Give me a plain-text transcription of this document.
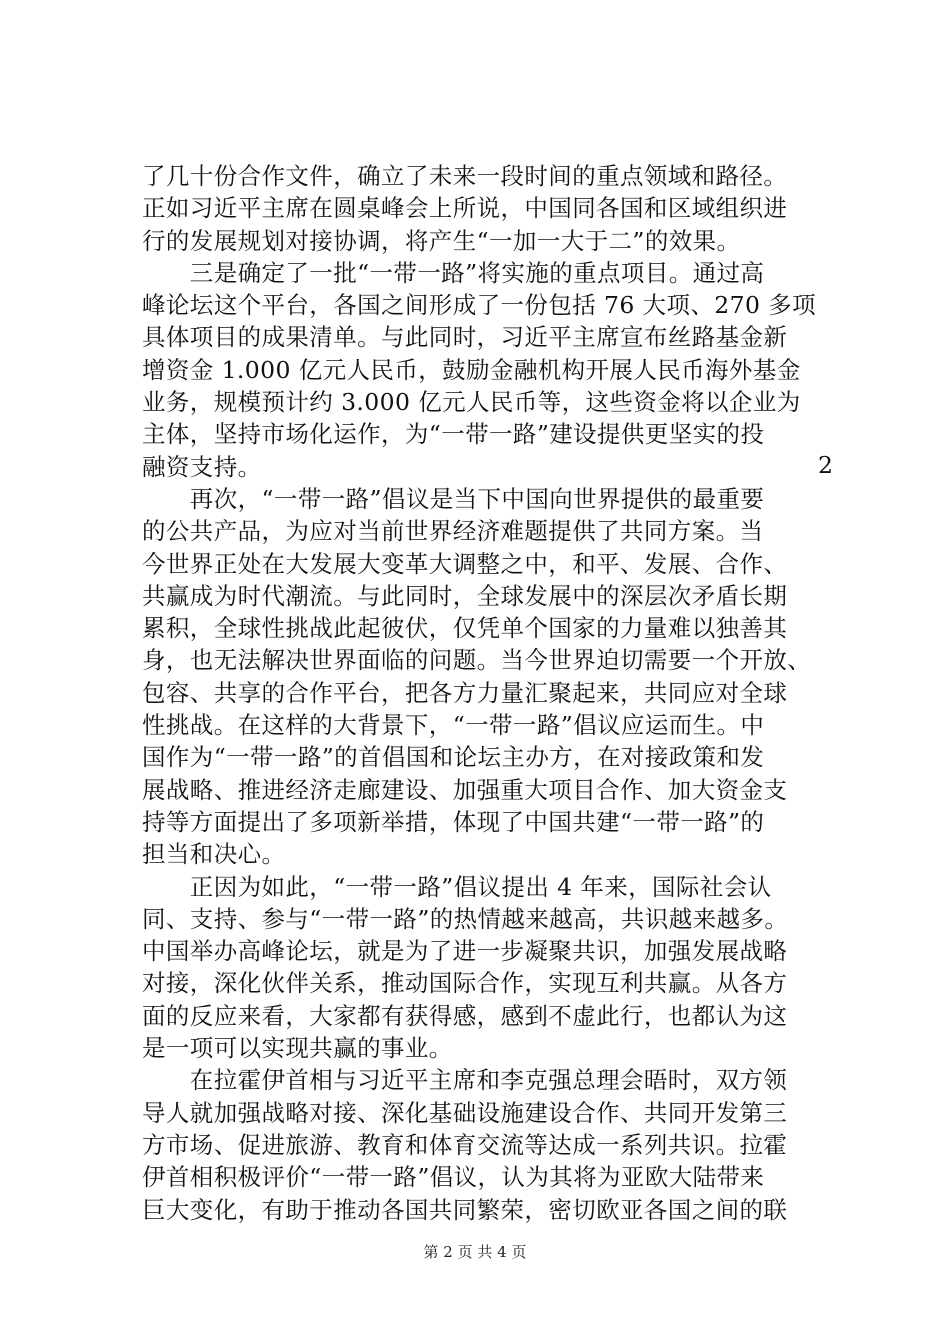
了几十份合作文件，确立了未来一段时间的重点领域和路径。
正如习近平主席在圆桌峰会上所说，中国同各国和区域组织进
行的发展规划对接协调，将产生“一加一大于二”的效果。
　　三是确定了一批“一带一路”将实施的重点项目。通过高
峰论坛这个平台，各国之间形成了一份包括 76 大项、270 多项
具体项目的成果清单。与此同时，习近平主席宣布丝路基金新
增资金 1.000 亿元人民币，鼓励金融机构开展人民币海外基金
业务，规模预计约 3.000 亿元人民币等，这些资金将以企业为
主体，坚持市场化运作，为“一带一路”建设提供更坚实的投
融资支持。
　　再次，“一带一路”倡议是当下中国向世界提供的最重要
的公共产品，为应对当前世界经济难题提供了共同方案。当
今世界正处在大发展大变革大调整之中，和平、发展、合作、
共赢成为时代潮流。与此同时，全球发展中的深层次矛盾长期
累积，全球性挑战此起彼伏，仅凭单个国家的力量难以独善其
身，也无法解决世界面临的问题。当今世界迫切需要一个开放、
包容、共享的合作平台，把各方力量汇聚起来，共同应对全球
性挑战。在这样的大背景下，“一带一路”倡议应运而生。中
国作为“一带一路”的首倡国和论坛主办方，在对接政策和发
展战略、推进经济走廊建设、加强重大项目合作、加大资金支
持等方面提出了多项新举措，体现了中国共建“一带一路”的
担当和决心。
　　正因为如此，“一带一路”倡议提出 4 年来，国际社会认
同、支持、参与“一带一路”的热情越来越高，共识越来越多。
中国举办高峰论坛，就是为了进一步凝聚共识，加强发展战略
对接，深化伙伴关系，推动国际合作，实现互利共赢。从各方
面的反应来看，大家都有获得感，感到不虚此行，也都认为这
是一项可以实现共赢的事业。
　　在拉霍伊首相与习近平主席和李克强总理会晤时，双方领
导人就加强战略对接、深化基础设施建设合作、共同开发第三
方市场、促进旅游、教育和体育交流等达成一系列共识。拉霍
伊首相积极评价“一带一路”倡议，认为其将为亚欧大陆带来
巨大变化，有助于推动各国共同繁荣，密切欧亚各国之间的联
2
第 2 页 共 4 页
